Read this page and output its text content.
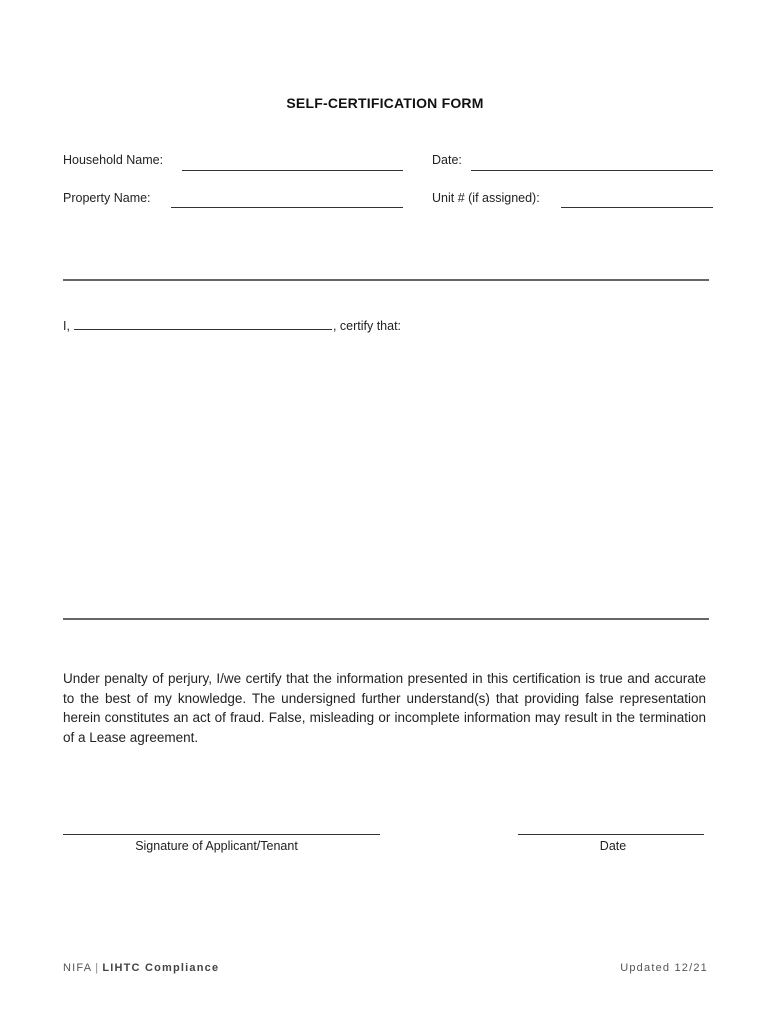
SELF-CERTIFICATION FORM
Household Name:	Date:
Property Name:	Unit # (if assigned):
I,	, certify that:
Under penalty of perjury, I/we certify that the information presented in this certification is true and accurate to the best of my knowledge. The undersigned further understand(s) that providing false representation herein constitutes an act of fraud. False, misleading or incomplete information may result in the termination of a Lease agreement.
Signature of Applicant/Tenant	Date
NIFA | LIHTC Compliance	Updated 12/21
